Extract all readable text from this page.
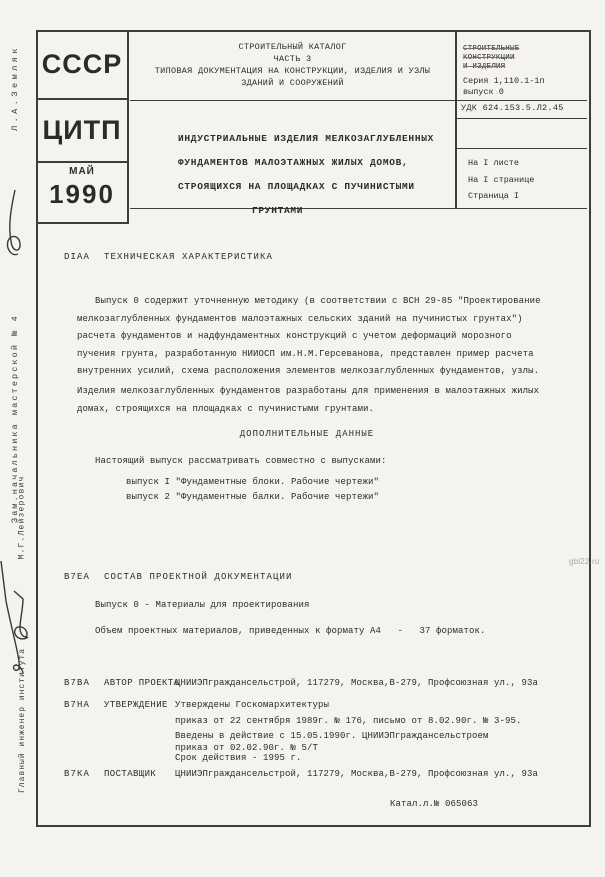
СССР
ЦИТП
МАЙ
1990
СТРОИТЕЛЬНЫЙ КАТАЛОГ
ЧАСТЬ 3
ТИПОВАЯ ДОКУМЕНТАЦИЯ НА КОНСТРУКЦИИ, ИЗДЕЛИЯ И УЗЛЫ
ЗДАНИЙ И СООРУЖЕНИЙ
СТРОИТЕЛЬНЫЕ
КОНСТРУКЦИИ
И ИЗДЕЛИЯ
Серия 1,110.1-1п
выпуск 0
УДК 624.153.5.Л2.45
На I листе
На I странице
Страница I
ИНДУСТРИАЛЬНЫЕ ИЗДЕЛИЯ МЕЛКОЗАГЛУБЛЕННЫХ
ФУНДАМЕНТОВ МАЛОЭТАЖНЫХ ЖИЛЫХ ДОМОВ,
СТРОЯЩИХСЯ НА ПЛОЩАДКАХ С ПУЧИНИСТЫМИ
ГРУНТАМИ
DIAA ТЕХНИЧЕСКАЯ ХАРАКТЕРИСТИКА
Выпуск 0 содержит уточненную методику (в соответствии с ВСН 29-85 "Проектирование
мелкозаглубленных фундаментов малоэтажных сельских зданий на пучинистых грунтах")
расчета фундаментов и надфундаментных конструкций с учетом деформаций морозного
пучения грунта, разработанную НИИОСП им.Н.М.Герсеванова, представлен пример расчета
внутренних усилий, схема расположения элементов мелкозаглубленных фундаментов, узлы.
Изделия мелкозаглубленных фундаментов разработаны для применения в малоэтажных жилых
домах, строящихся на площадках с пучинистыми грунтами.
ДОПОЛНИТЕЛЬНЫЕ ДАННЫЕ
Настоящий выпуск рассматривать совместно с выпусками:
выпуск I "Фундаментные блоки. Рабочие чертежи"
выпуск 2 "Фундаментные балки. Рабочие чертежи"
В7ЕА СОСТАВ ПРОЕКТНОЙ ДОКУМЕНТАЦИИ
Выпуск 0 - Материалы для проектирования
Объем проектных материалов, приведенных к формату А4   -   37 форматок.
В7ВА АВТОР ПРОЕКТА
ЦНИИЭПграждансельстрой, 117279, Москва,В-279, Профсоюзная ул., 93а
В7НА УТВЕРЖДЕНИЕ Утверждены Госкомархитектуры
приказ от 22 сентября 1989г. № 176, письмо от 8.02.90г. № 3-95.
Введены в действие с 15.05.1990г. ЦНИИЭПграждансельстроем
приказ от 02.02.90г. № 5/Т
Срок действия - 1995 г.
В7КА ПОСТАВЩИК ЦНИИЭПграждансельстрой, 117279, Москва,В-279, Профсоюзная ул., 93а
Катал.л.№ 065063
gbl22.ru
Зам.начальника мастерской № 4
Л.А.Земляк
М.Г.Лейзерович
Главный инженер института
